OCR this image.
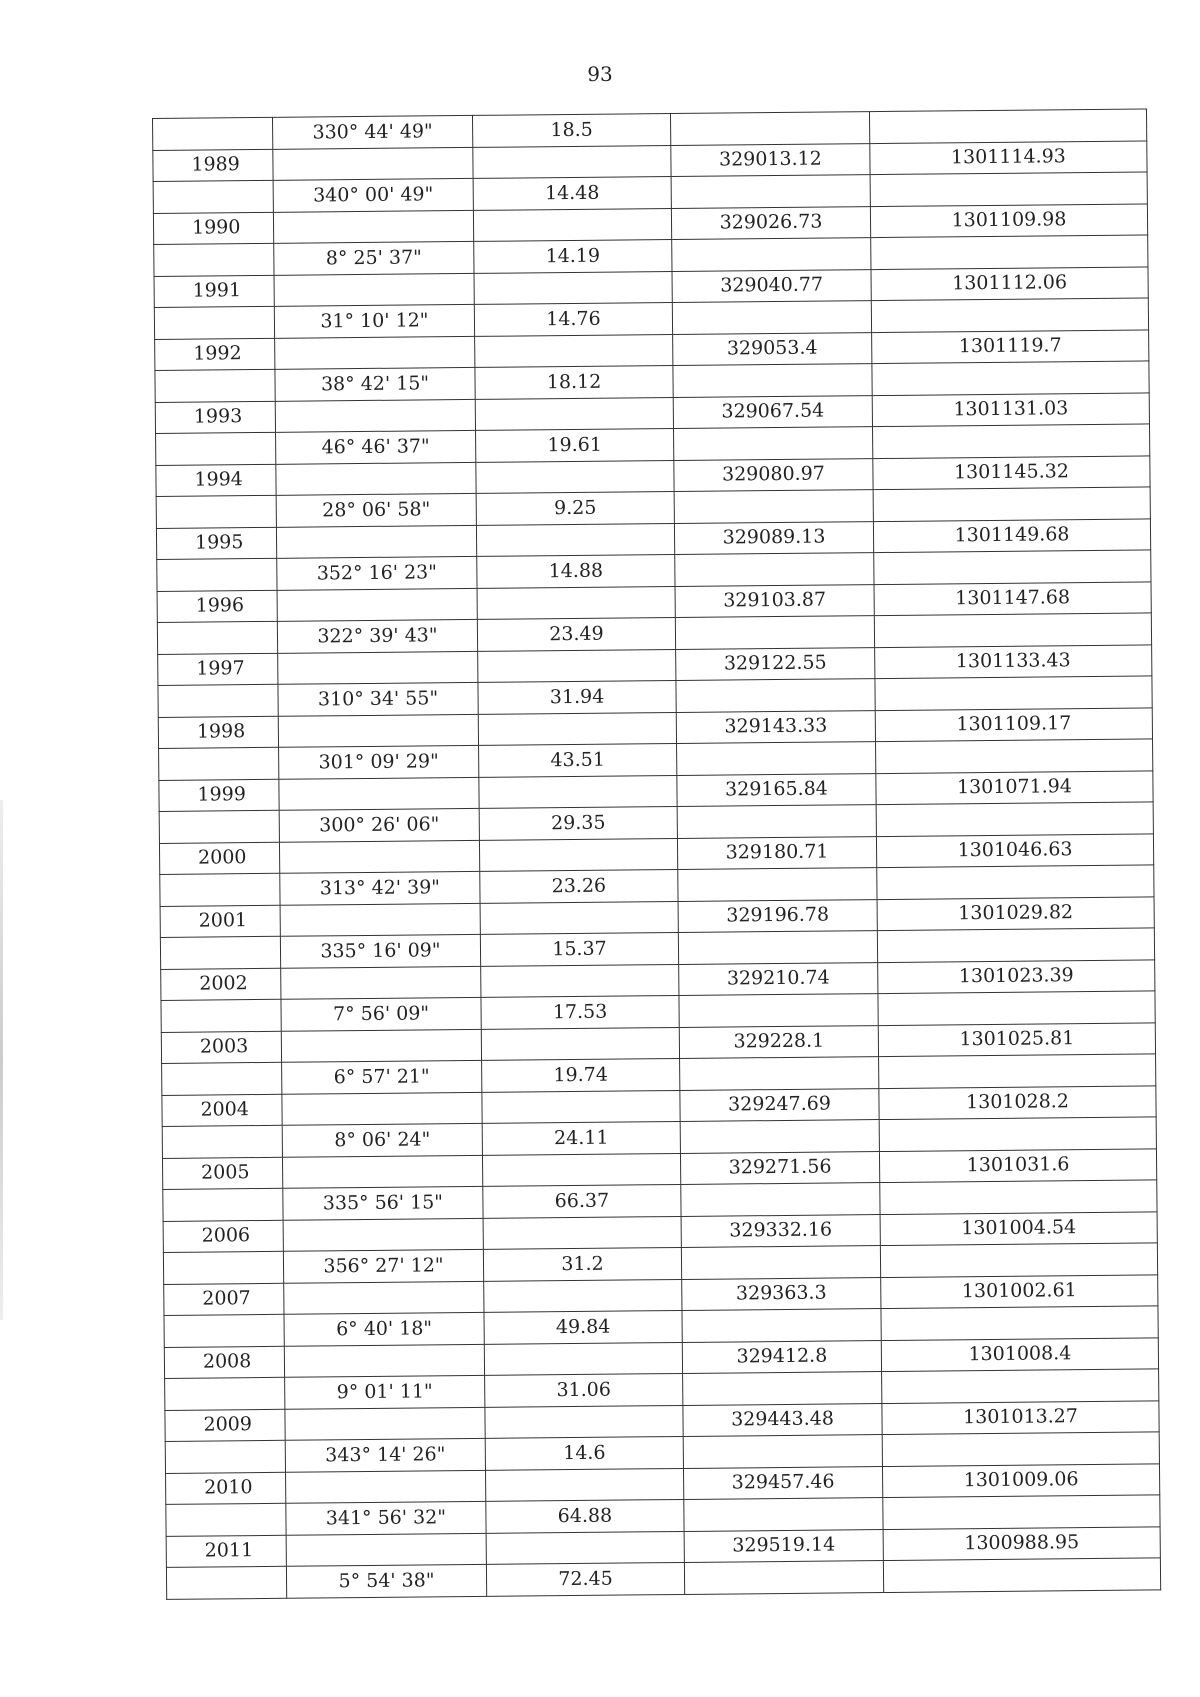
93
	330° 44' 49"	18.5		
1989			329013.12	1301114.93
	340° 00' 49"	14.48		
1990			329026.73	1301109.98
	8° 25' 37"	14.19		
1991			329040.77	1301112.06
	31° 10' 12"	14.76		
1992			329053.4	1301119.7
	38° 42' 15"	18.12		
1993			329067.54	1301131.03
	46° 46' 37"	19.61		
1994			329080.97	1301145.32
	28° 06' 58"	9.25		
1995			329089.13	1301149.68
	352° 16' 23"	14.88		
1996			329103.87	1301147.68
	322° 39' 43"	23.49		
1997			329122.55	1301133.43
	310° 34' 55"	31.94		
1998			329143.33	1301109.17
	301° 09' 29"	43.51		
1999			329165.84	1301071.94
	300° 26' 06"	29.35		
2000			329180.71	1301046.63
	313° 42' 39"	23.26		
2001			329196.78	1301029.82
	335° 16' 09"	15.37		
2002			329210.74	1301023.39
	7° 56' 09"	17.53		
2003			329228.1	1301025.81
	6° 57' 21"	19.74		
2004			329247.69	1301028.2
	8° 06' 24"	24.11		
2005			329271.56	1301031.6
	335° 56' 15"	66.37		
2006			329332.16	1301004.54
	356° 27' 12"	31.2		
2007			329363.3	1301002.61
	6° 40' 18"	49.84		
2008			329412.8	1301008.4
	9° 01' 11"	31.06		
2009			329443.48	1301013.27
	343° 14' 26"	14.6		
2010			329457.46	1301009.06
	341° 56' 32"	64.88		
2011			329519.14	1300988.95
	5° 54' 38"	72.45		
